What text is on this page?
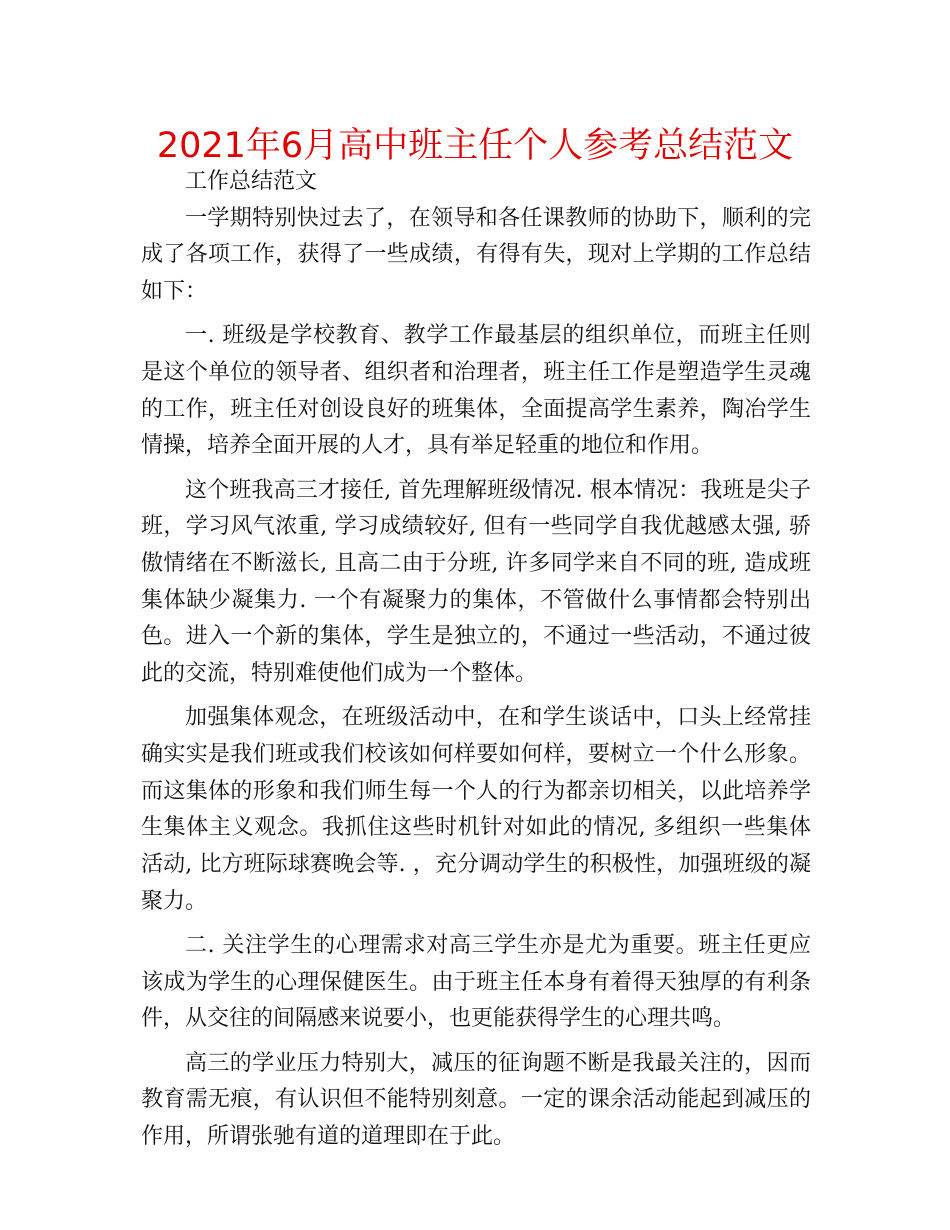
2021年6月高中班主任个人参考总结范文

工作总结范文

一学期特别快过去了，在领导和各任课教师的协助下，顺利的完成了各项工作，获得了一些成绩，有得有失，现对上学期的工作总结如下：

一. 班级是学校教育、教学工作最基层的组织单位，而班主任则是这个单位的领导者、组织者和治理者，班主任工作是塑造学生灵魂的工作，班主任对创设良好的班集体，全面提高学生素养，陶冶学生情操，培养全面开展的人才，具有举足轻重的地位和作用。

这个班我高三才接任, 首先理解班级情况. 根本情况：我班是尖子班，学习风气浓重, 学习成绩较好, 但有一些同学自我优越感太强, 骄傲情绪在不断滋长, 且高二由于分班, 许多同学来自不同的班, 造成班集体缺少凝集力. 一个有凝聚力的集体，不管做什么事情都会特别出色。进入一个新的集体，学生是独立的，不通过一些活动，不通过彼此的交流，特别难使他们成为一个整体。

加强集体观念，在班级活动中，在和学生谈话中，口头上经常挂确实实是我们班或我们校该如何样要如何样，要树立一个什么形象。而这集体的形象和我们师生每一个人的行为都亲切相关，以此培养学生集体主义观念。我抓住这些时机针对如此的情况, 多组织一些集体活动, 比方班际球赛晚会等. ，充分调动学生的积极性，加强班级的凝聚力。

二. 关注学生的心理需求对高三学生亦是尤为重要。班主任更应该成为学生的心理保健医生。由于班主任本身有着得天独厚的有利条件，从交往的间隔感来说要小，也更能获得学生的心理共鸣。

高三的学业压力特别大，减压的征询题不断是我最关注的，因而教育需无痕，有认识但不能特别刻意。一定的课余活动能起到减压的作用，所谓张驰有道的道理即在于此。
